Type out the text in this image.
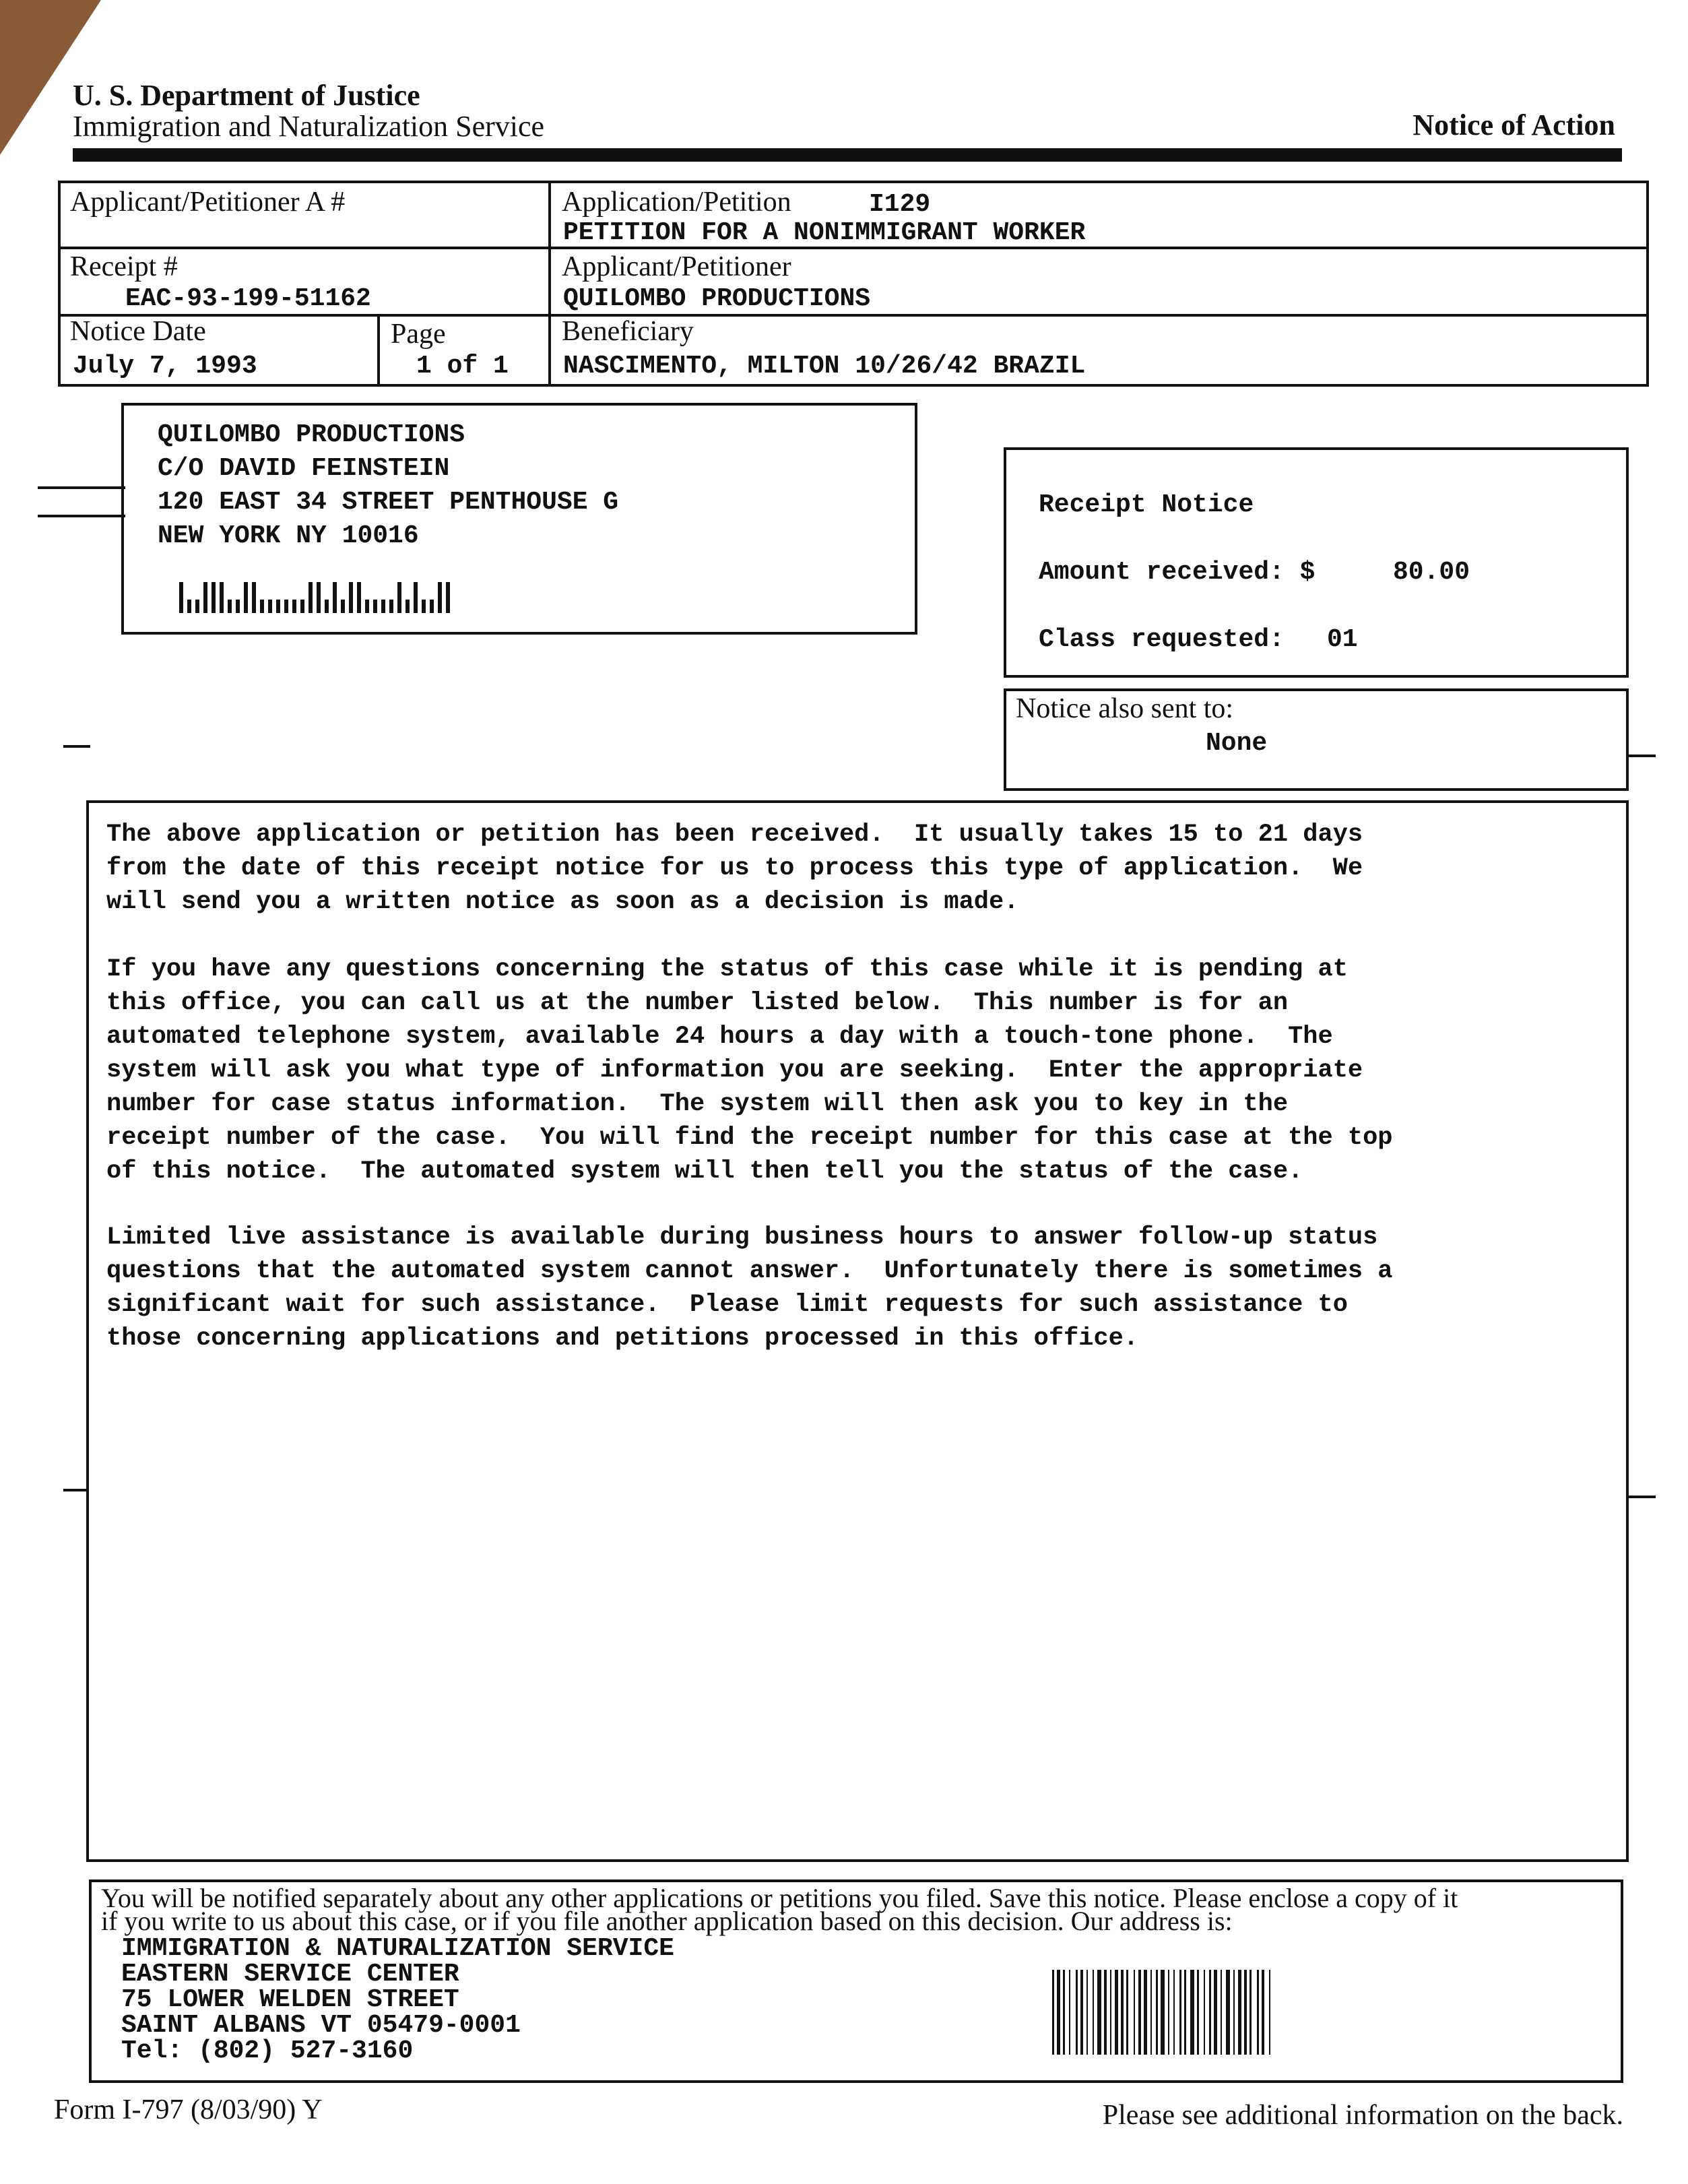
U. S. Department of Justice
Immigration and Naturalization Service	Notice of Action
Applicant/Petitioner A #	Application/Petition	I129
PETITION FOR A NONIMMIGRANT WORKER
Receipt #
EAC-93-199-51162
Applicant/Petitioner
QUILOMBO PRODUCTIONS
Notice Date
July 7, 1993
Page
1 of 1
Beneficiary
NASCIMENTO, MILTON 10/26/42 BRAZIL
QUILOMBO PRODUCTIONS
C/O DAVID FEINSTEIN
120 EAST 34 STREET PENTHOUSE G
NEW YORK NY 10016
Receipt Notice
Amount received: $	80.00
Class requested: 01
Notice also sent to:
None
The above application or petition has been received.  It usually takes 15 to 21 days
from the date of this receipt notice for us to process this type of application.  We
will send you a written notice as soon as a decision is made.
If you have any questions concerning the status of this case while it is pending at
this office, you can call us at the number listed below.  This number is for an
automated telephone system, available 24 hours a day with a touch-tone phone.  The
system will ask you what type of information you are seeking.  Enter the appropriate
number for case status information.  The system will then ask you to key in the
receipt number of the case.  You will find the receipt number for this case at the top
of this notice.  The automated system will then tell you the status of the case.
Limited live assistance is available during business hours to answer follow-up status
questions that the automated system cannot answer.  Unfortunately there is sometimes a
significant wait for such assistance.  Please limit requests for such assistance to
those concerning applications and petitions processed in this office.
You will be notified separately about any other applications or petitions you filed. Save this notice. Please enclose a copy of it
if you write to us about this case, or if you file another application based on this decision. Our address is:
IMMIGRATION & NATURALIZATION SERVICE
EASTERN SERVICE CENTER
75 LOWER WELDEN STREET
SAINT ALBANS VT 05479-0001
Tel: (802) 527-3160
Form I-797 (8/03/90) Y	Please see additional information on the back.
